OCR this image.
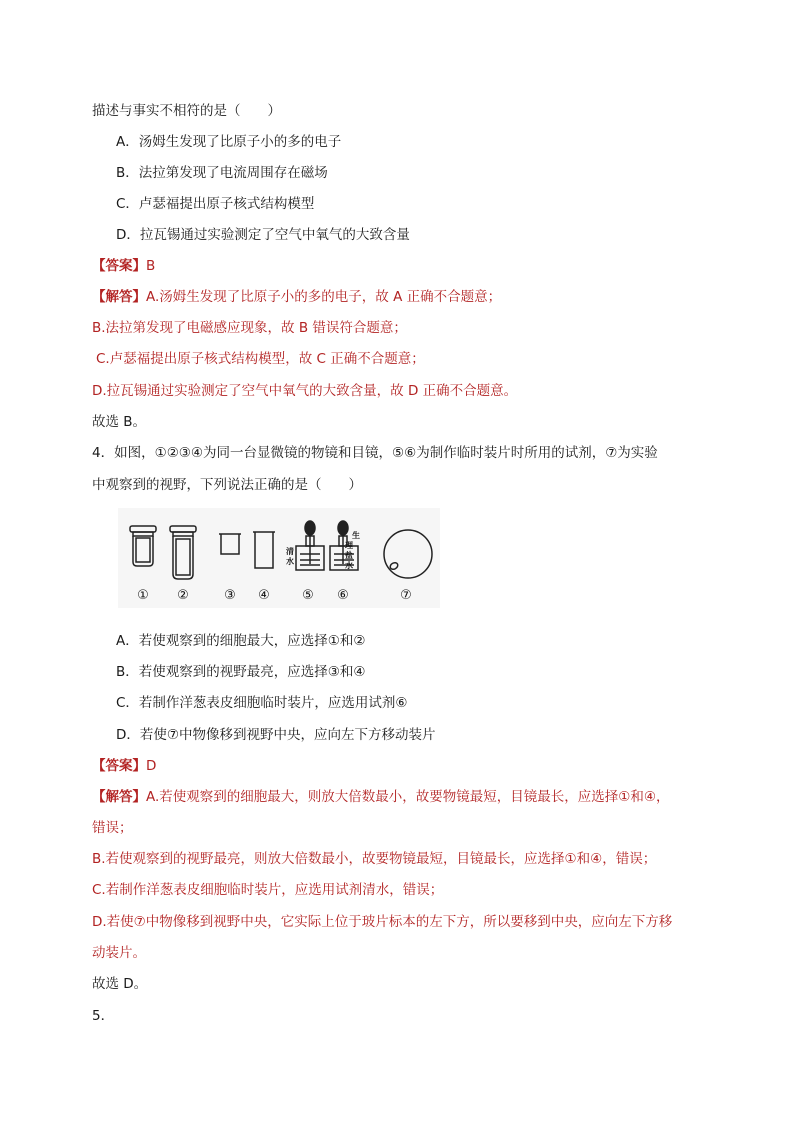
描述与事实不相符的是（　　）
A．汤姆生发现了比原子小的多的电子
B．法拉第发现了电流周围存在磁场
C．卢瑟福提出原子核式结构模型
D．拉瓦锡通过实验测定了空气中氧气的大致含量
【答案】B
【解答】A.汤姆生发现了比原子小的多的电子，故 A 正确不合题意；
B.法拉第发现了电磁感应现象，故 B 错误符合题意；
C.卢瑟福提出原子核式结构模型，故 C 正确不合题意；
D.拉瓦锡通过实验测定了空气中氧气的大致含量，故 D 正确不合题意。
故选 B。
4．如图，①②③④为同一台显微镜的物镜和目镜，⑤⑥为制作临时装片时所用的试剂，⑦为实验
中观察到的视野，下列说法正确的是（　　）
清
水
生
理
盐
水
① ②	③ ④ ⑤ ⑥	⑦
A．若使观察到的细胞最大，应选择①和②
B．若使观察到的视野最亮，应选择③和④
C．若制作洋葱表皮细胞临时装片，应选用试剂⑥
D．若使⑦中物像移到视野中央，应向左下方移动装片
【答案】D
【解答】A.若使观察到的细胞最大，则放大倍数最小，故要物镜最短，目镜最长，应选择①和④，
错误；
B.若使观察到的视野最亮，则放大倍数最小，故要物镜最短，目镜最长，应选择①和④，错误；
C.若制作洋葱表皮细胞临时装片，应选用试剂清水，错误；
D.若使⑦中物像移到视野中央，它实际上位于玻片标本的左下方，所以要移到中央，应向左下方移
动装片。
故选 D。
5．
